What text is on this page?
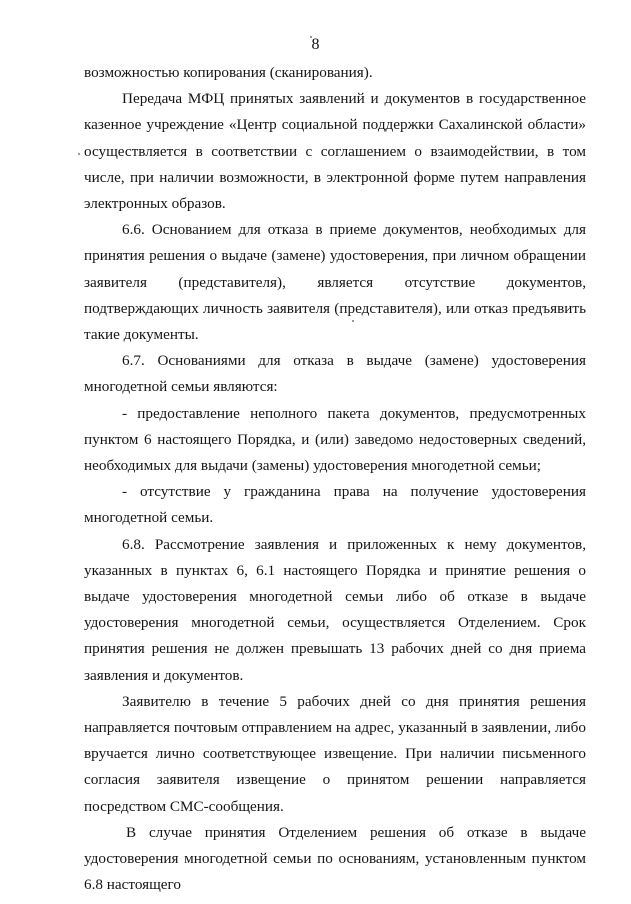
8

возможностью копирования (сканирования).

Передача МФЦ принятых заявлений и документов в государственное казенное учреждение «Центр социальной поддержки Сахалинской области» осуществляется в соответствии с соглашением о взаимодействии, в том числе, при наличии возможности, в электронной форме путем направления электронных образов.

6.6. Основанием для отказа в приеме документов, необходимых для принятия решения о выдаче (замене) удостоверения, при личном обращении заявителя (представителя), является отсутствие документов, подтверждающих личность заявителя (представителя), или отказ предъявить такие документы.

6.7. Основаниями для отказа в выдаче (замене) удостоверения многодетной семьи являются:

- предоставление неполного пакета документов, предусмотренных пунктом 6 настоящего Порядка, и (или) заведомо недостоверных сведений, необходимых для выдачи (замены) удостоверения многодетной семьи;

- отсутствие у гражданина права на получение удостоверения многодетной семьи.

6.8. Рассмотрение заявления и приложенных к нему документов, указанных в пунктах 6, 6.1 настоящего Порядка и принятие решения о выдаче удостоверения многодетной семьи либо об отказе в выдаче удостоверения многодетной семьи, осуществляется Отделением. Срок принятия решения не должен превышать 13 рабочих дней со дня приема заявления и документов.

Заявителю в течение 5 рабочих дней со дня принятия решения направляется почтовым отправлением на адрес, указанный в заявлении, либо вручается лично соответствующее извещение. При наличии письменного согласия заявителя извещение о принятом решении направляется посредством СМС-сообщения.

В случае принятия Отделением решения об отказе в выдаче удостоверения многодетной семьи по основаниям, установленным пунктом 6.8 настоящего
